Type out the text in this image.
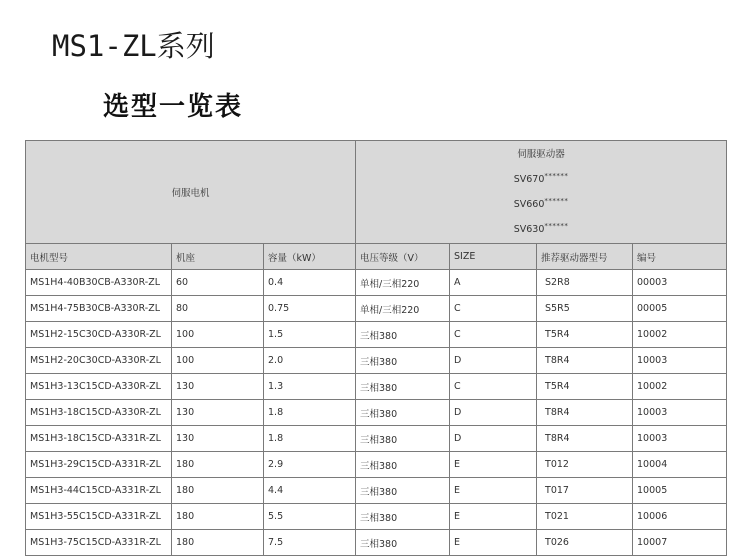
MS1-ZL系列
选型一览表
伺服电机			伺服驱动器
SV670******
SV660******
SV630******

电机型号	机座	容量（kW）	电压等级（V）	SIZE	推荐驱动器型号	编号
MS1H4-40B30CB-A330R-ZL	60	0.4	单相/三相220	A	S2R8	00003
MS1H4-75B30CB-A330R-ZL	80	0.75	单相/三相220	C	S5R5	00005
MS1H2-15C30CD-A330R-ZL	100	1.5	三相380	C	T5R4	10002
MS1H2-20C30CD-A330R-ZL	100	2.0	三相380	D	T8R4	10003
MS1H3-13C15CD-A330R-ZL	130	1.3	三相380	C	T5R4	10002
MS1H3-18C15CD-A330R-ZL	130	1.8	三相380	D	T8R4	10003
MS1H3-18C15CD-A331R-ZL	130	1.8	三相380	D	T8R4	10003
MS1H3-29C15CD-A331R-ZL	180	2.9	三相380	E	T012	10004
MS1H3-44C15CD-A331R-ZL	180	4.4	三相380	E	T017	10005
MS1H3-55C15CD-A331R-ZL	180	5.5	三相380	E	T021	10006
MS1H3-75C15CD-A331R-ZL	180	7.5	三相380	E	T026	10007
